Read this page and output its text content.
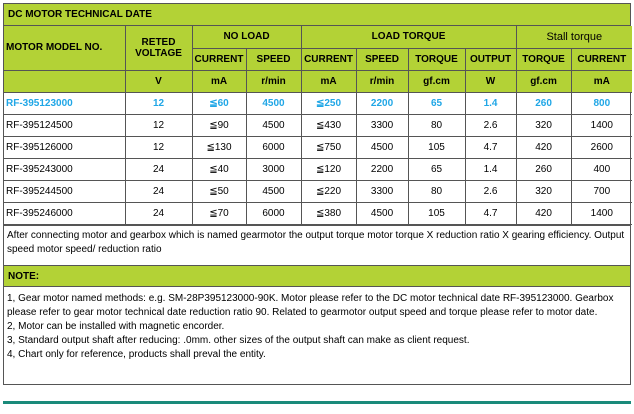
DC MOTOR TECHNICAL DATE
MOTOR MODEL NO.	RETED VOLTAGE	NO LOAD		LOAD TORQUE				Stall torque	
		CURRENT	SPEED	CURRENT	SPEED	TORQUE	OUTPUT	TORQUE	CURRENT
	V	mA	r/min	mA	r/min	gf.cm	W	gf.cm	mA
RF-395123000	12	≦60	4500	≦250	2200	65	1.4	260	800
RF-395124500	12	≦90	4500	≦430	3300	80	2.6	320	1400
RF-395126000	12	≦130	6000	≦750	4500	105	4.7	420	2600
RF-395243000	24	≦40	3000	≦120	2200	65	1.4	260	400
RF-395244500	24	≦50	4500	≦220	3300	80	2.6	320	700
RF-395246000	24	≦70	6000	≦380	4500	105	4.7	420	1400
After connecting motor and gearbox which is named gearmotor the output torque motor torque X reduction ratio X gearing efficiency. Output speed motor speed/ reduction ratio
NOTE:

1, Gear motor named methods: e.g. SM-28P395123000-90K. Motor please refer to the DC motor technical date RF-395123000. Gearbox please refer to gear motor technical date reduction ratio 90. Related to gearmotor output speed and torque please refer to motor date.

2, Motor can be installed with magnetic encorder.

3, Standard output shaft after reducing: .0mm. other sizes of the output shaft can make as client request.

4, Chart only for reference, products shall preval the entity.
